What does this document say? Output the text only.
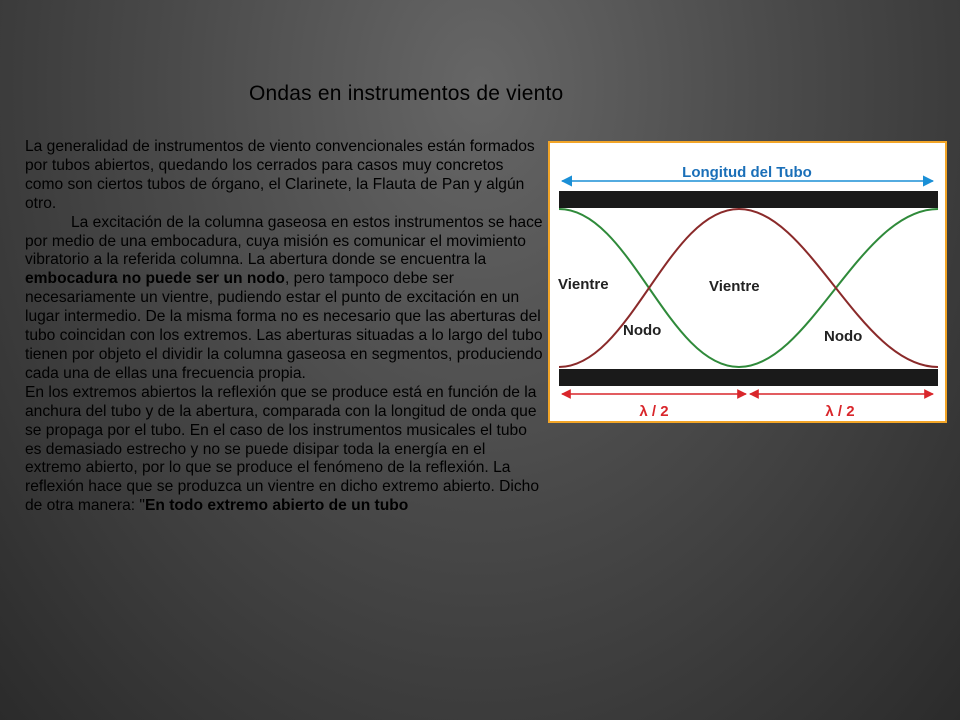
Ondas en instrumentos de viento

La generalidad de instrumentos de viento convencionales están formados por tubos abiertos, quedando los cerrados para casos muy concretos como son ciertos tubos de órgano, el Clarinete, la Flauta de Pan y algún otro.

La excitación de la columna gaseosa en estos instrumentos se hace por medio de una embocadura, cuya misión es comunicar el movimiento vibratorio a la referida columna. La abertura donde se encuentra la embocadura no puede ser un nodo, pero tampoco debe ser necesariamente un vientre, pudiendo estar el punto de excitación en un lugar intermedio. De la misma forma no es necesario que las aberturas del tubo coincidan con los extremos. Las aberturas situadas a lo largo del tubo tienen por objeto el dividir la columna gaseosa en segmentos, produciendo cada una de ellas una frecuencia propia.

En los extremos abiertos la reflexión que se produce está en función de la anchura del tubo y de la abertura, comparada con la longitud de onda que se propaga por el tubo. En el caso de los instrumentos musicales el tubo es demasiado estrecho y no se puede disipar toda la energía en el extremo abierto, por lo que se produce el fenómeno de la reflexión. La reflexión hace que se produzca un vientre en dicho extremo abierto. Dicho de otra manera: "En todo extremo abierto de un tubo

Longitud del Tubo
Vientre	Vientre
Nodo	Nodo
λ / 2	λ / 2
